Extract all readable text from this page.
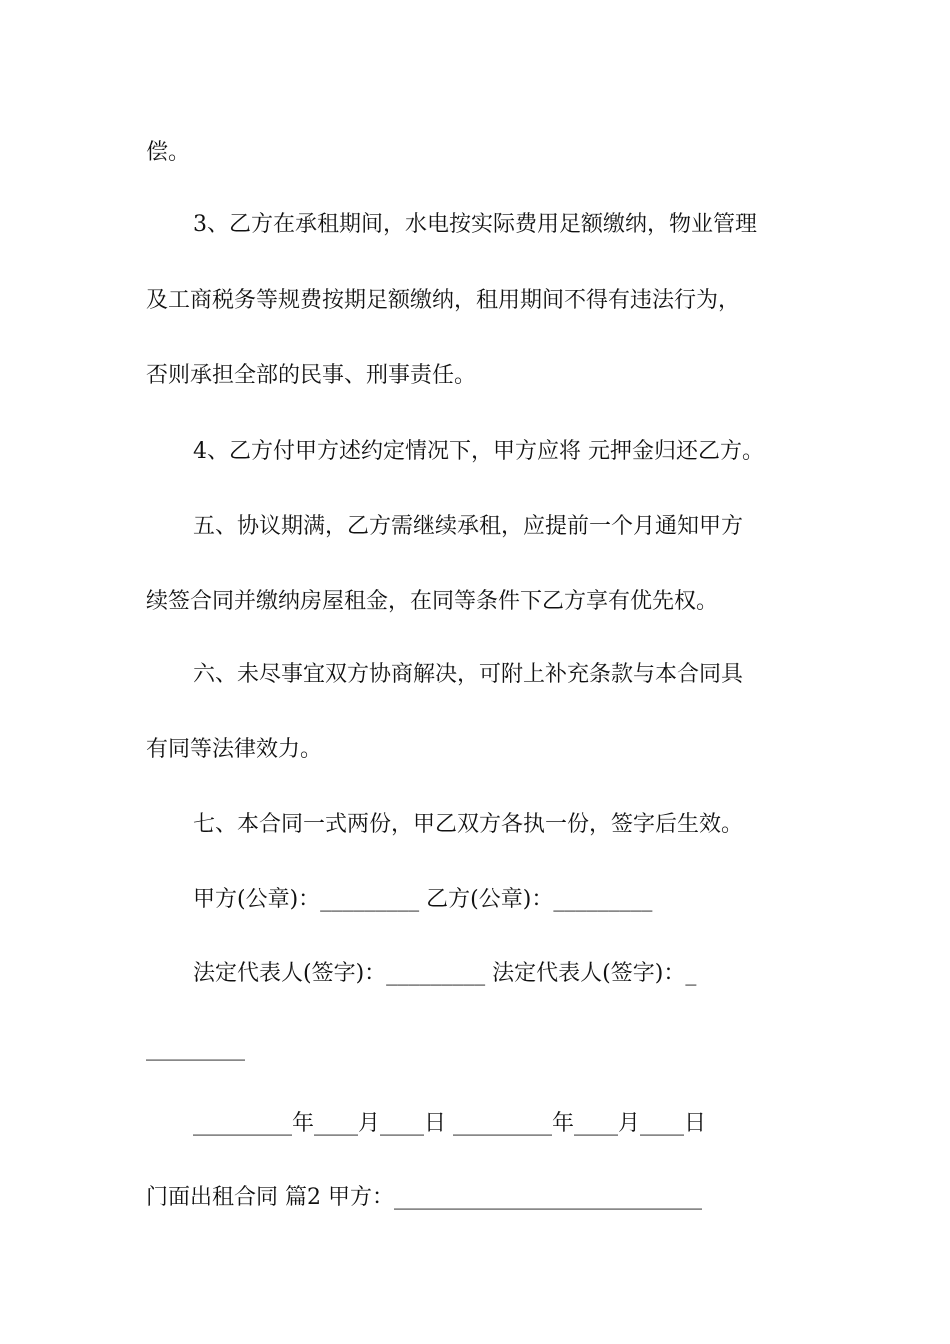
偿。
3、乙方在承租期间，水电按实际费用足额缴纳，物业管理
及工商税务等规费按期足额缴纳，租用期间不得有违法行为，
否则承担全部的民事、刑事责任。
4、乙方付甲方述约定情况下，甲方应将 元押金归还乙方。
五、协议期满，乙方需继续承租，应提前一个月通知甲方
续签合同并缴纳房屋租金，在同等条件下乙方享有优先权。
六、未尽事宜双方协商解决，可附上补充条款与本合同具
有同等法律效力。
七、本合同一式两份，甲乙双方各执一份，签字后生效。
甲方(公章)：_________ 乙方(公章)：_________
法定代表人(签字)：_________ 法定代表人(签字)：_
_________
_________年____月____日 _________年____月____日
门面出租合同 篇2 甲方：____________________________
